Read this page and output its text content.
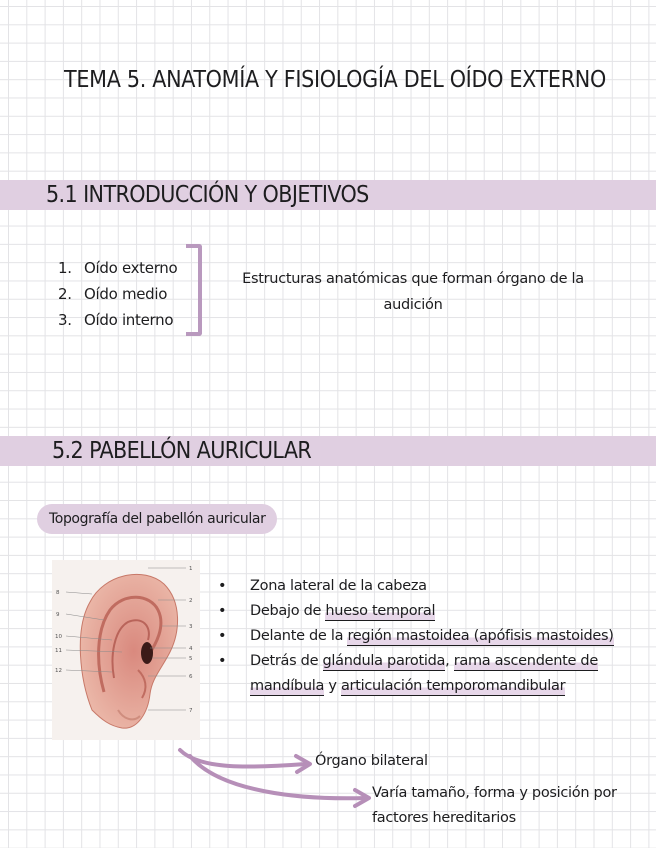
TEMA 5. ANATOMÍA Y FISIOLOGÍA DEL OÍDO EXTERNO
5.1 INTRODUCCIÓN Y OBJETIVOS
1. Oído externo
2. Oído medio
3. Oído interno
Estructuras anatómicas que forman órgano de la audición
5.2 PABELLÓN AURICULAR
Topografía del pabellón auricular
8
9
10
11
12
1
2
3
4
5
6
7
• Zona lateral de la cabeza
• Debajo de hueso temporal
• Delante de la región mastoidea (apófisis mastoides)
• Detrás de glándula parotida, rama ascendente de mandíbula y articulación temporomandibular
Órgano bilateral
Varía tamaño, forma y posición por factores hereditarios
